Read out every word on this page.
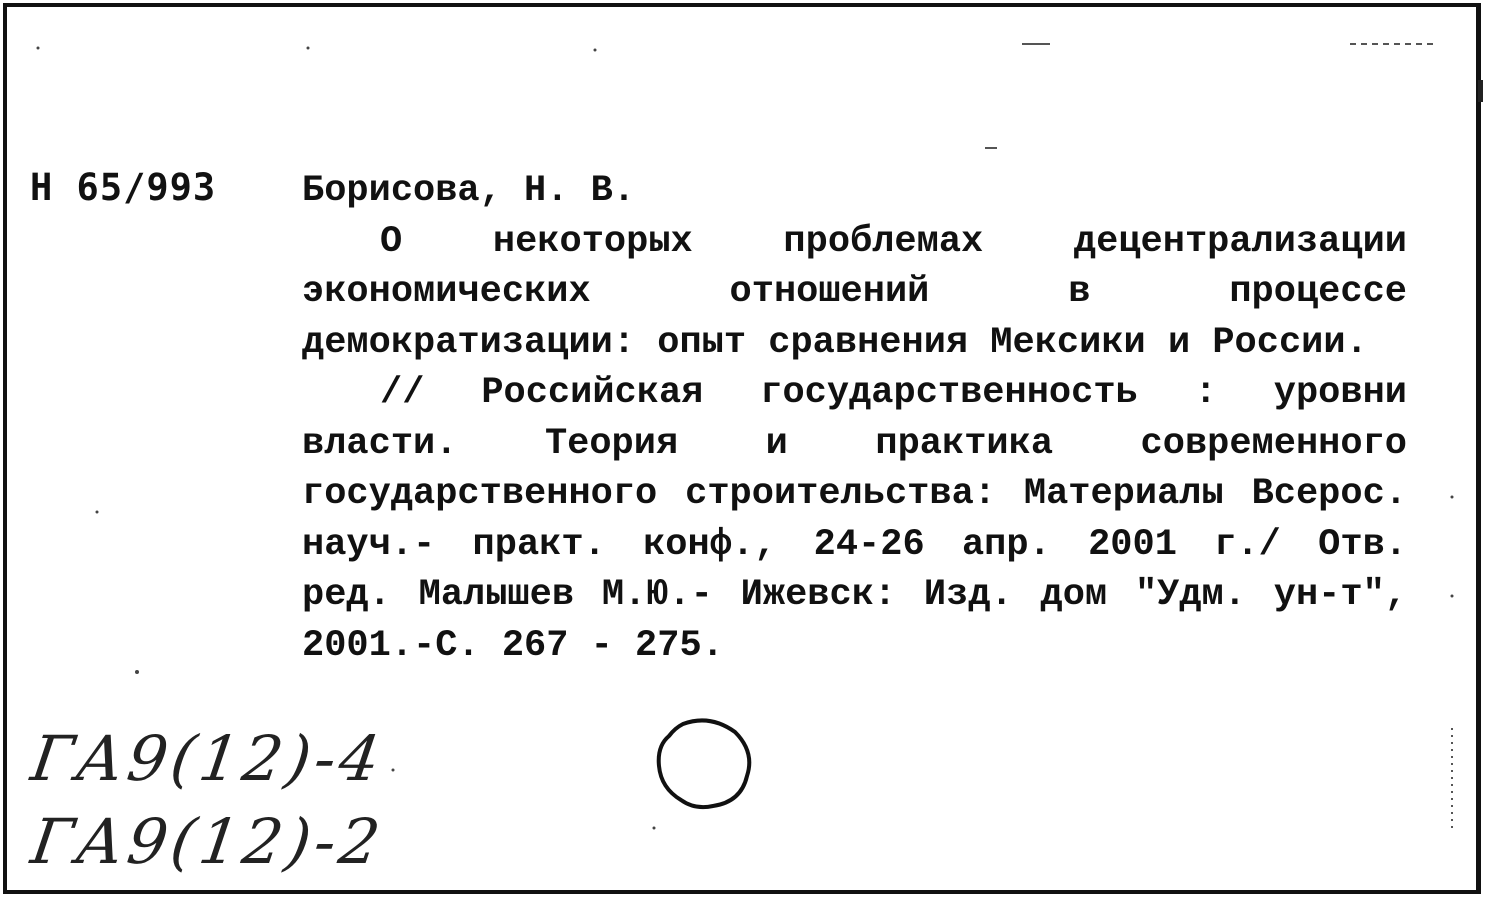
Н 65/993 Борисова, Н. В.
О некоторых проблемах децентрализации экономических отношений в процессе демократизации: опыт сравнения Мексики и России.
// Российская государственность : уровни власти. Теория и практика современного государственного строительства: Материалы Всерос. науч.- практ. конф., 24-26 апр. 2001 г./ Отв. ред. Малышев М.Ю.- Ижевск: Изд. дом "Удм. ун-т", 2001.-С. 267 - 275.
ГА9(12)-4
ГА9(12)-2
